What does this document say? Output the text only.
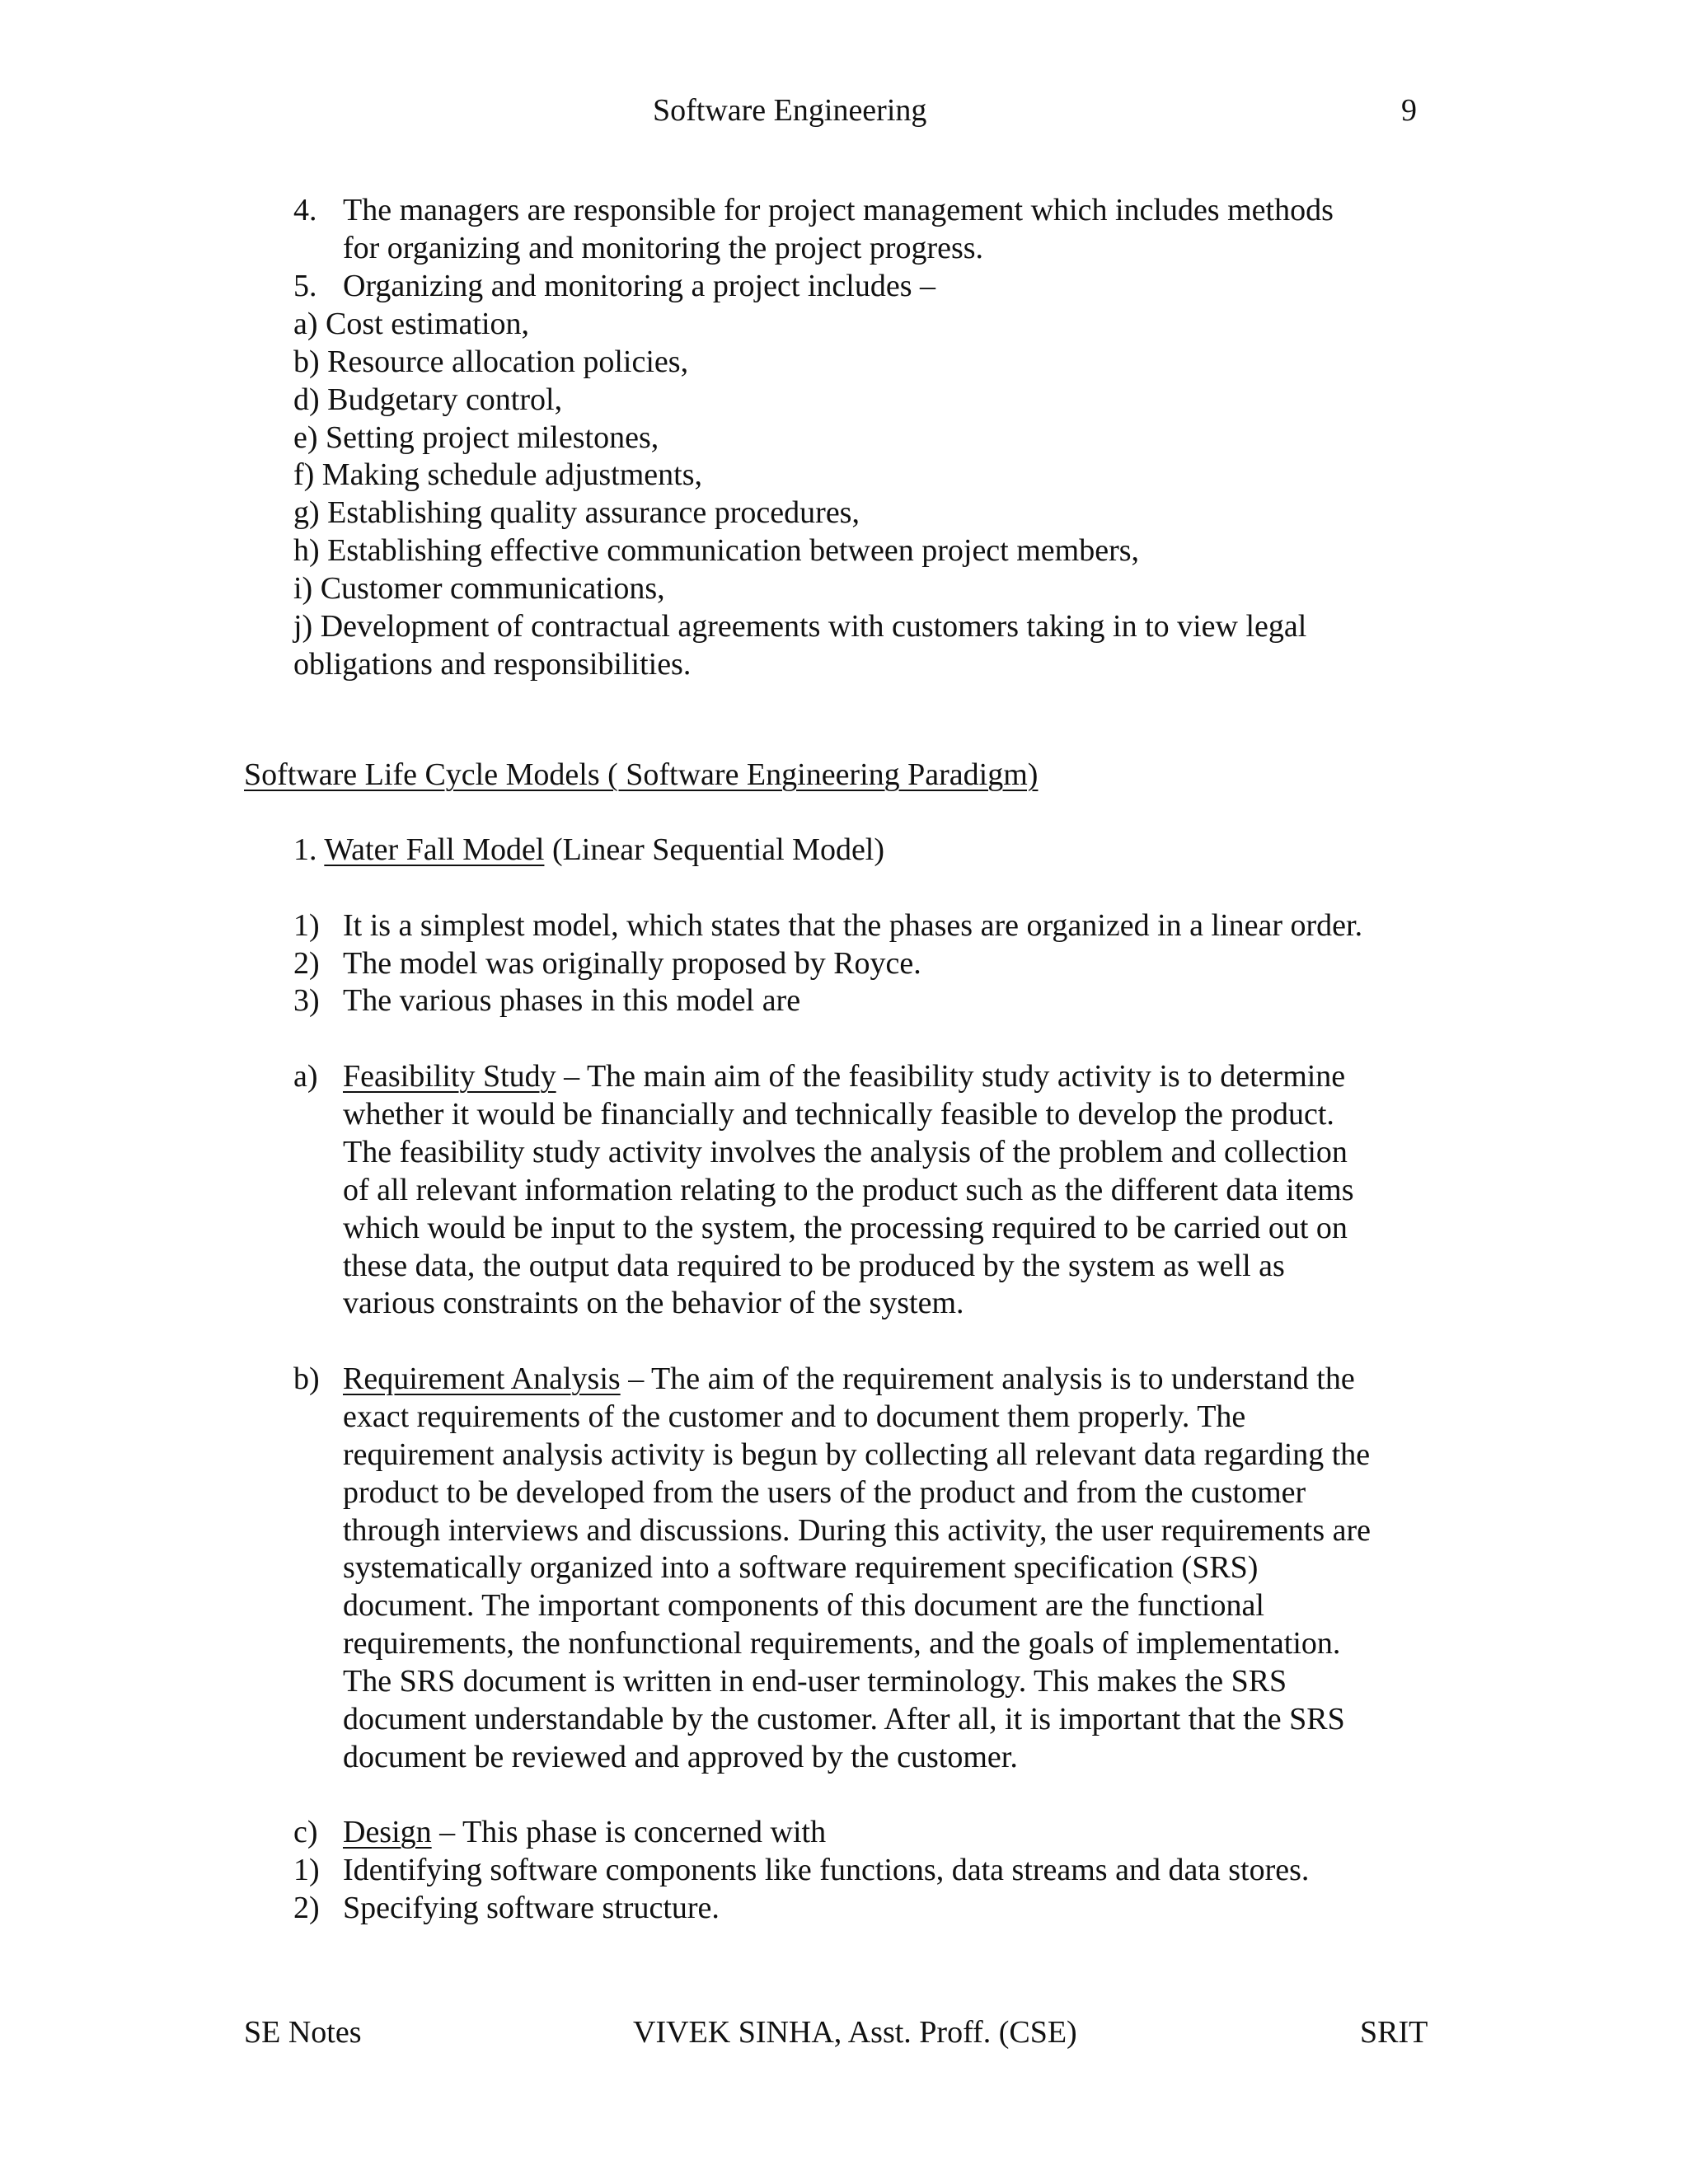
Software Engineering	9
4. The managers are responsible for project management which includes methods
for organizing and monitoring the project progress.
5. Organizing and monitoring a project includes –
a) Cost estimation,
b) Resource allocation policies,
d) Budgetary control,
e) Setting project milestones,
f) Making schedule adjustments,
g) Establishing quality assurance procedures,
h) Establishing effective communication between project members,
i) Customer communications,
j) Development of contractual agreements with customers taking in to view legal
obligations and responsibilities.
Software Life Cycle Models ( Software Engineering Paradigm)
1. Water Fall Model (Linear Sequential Model)
1) It is a simplest model, which states that the phases are organized in a linear order.
2) The model was originally proposed by Royce.
3) The various phases in this model are
a) Feasibility Study – The main aim of the feasibility study activity is to determine
whether it would be financially and technically feasible to develop the product.
The feasibility study activity involves the analysis of the problem and collection
of all relevant information relating to the product such as the different data items
which would be input to the system, the processing required to be carried out on
these data, the output data required to be produced by the system as well as
various constraints on the behavior of the system.
b) Requirement Analysis – The aim of the requirement analysis is to understand the
exact requirements of the customer and to document them properly. The
requirement analysis activity is begun by collecting all relevant data regarding the
product to be developed from the users of the product and from the customer
through interviews and discussions. During this activity, the user requirements are
systematically organized into a software requirement specification (SRS)
document. The important components of this document are the functional
requirements, the nonfunctional requirements, and the goals of implementation.
The SRS document is written in end-user terminology. This makes the SRS
document understandable by the customer. After all, it is important that the SRS
document be reviewed and approved by the customer.
c) Design – This phase is concerned with
1) Identifying software components like functions, data streams and data stores.
2) Specifying software structure.
SE Notes	VIVEK SINHA, Asst. Proff. (CSE)	SRIT
